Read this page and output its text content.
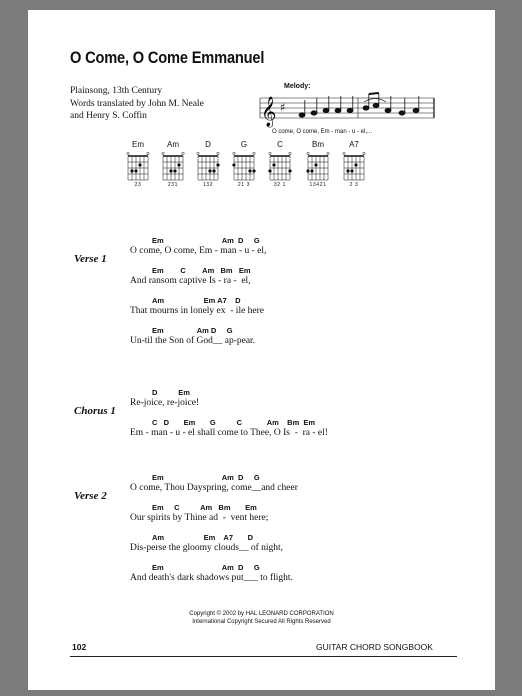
O Come, O Come Emmanuel
Plainsong, 13th Century
Words translated by John M. Neale
and Henry S. Coffin
Melody:
𝄞 ♯
O come, O come, Em - man - u - el,...
Em
23
Am
231
D
132
G
21 3
C
32 1
Bm
13421
A7
2 3
Verse 1
Em                            Am  D     G
O come, O come, Em - man - u - el,
Em        C        Am   Bm   Em
And ransom captive Is - ra -  el,
Am                   Em A7    D
That mourns in lonely ex  - ile here
Em                Am D     G
Un-til the Son of God__ ap-pear.
Chorus 1
D          Em
Re-joice, re-joice!
C   D       Em       G          C            Am    Bm  Em
Em - man - u - el shall come to Thee, O Is  -  ra - el!
Verse 2
Em                            Am  D     G
O come, Thou Dayspring, come__and cheer
Em     C          Am   Bm       Em
Our spirits by Thine ad  -  vent here;
Am                   Em    A7       D
Dis-perse the gloomy clouds__ of night,
Em                            Am  D     G
And death's dark shadows put___ to flight.
Copyright © 2002 by HAL LEONARD CORPORATION
International Copyright Secured All Rights Reserved
102	GUITAR CHORD SONGBOOK
